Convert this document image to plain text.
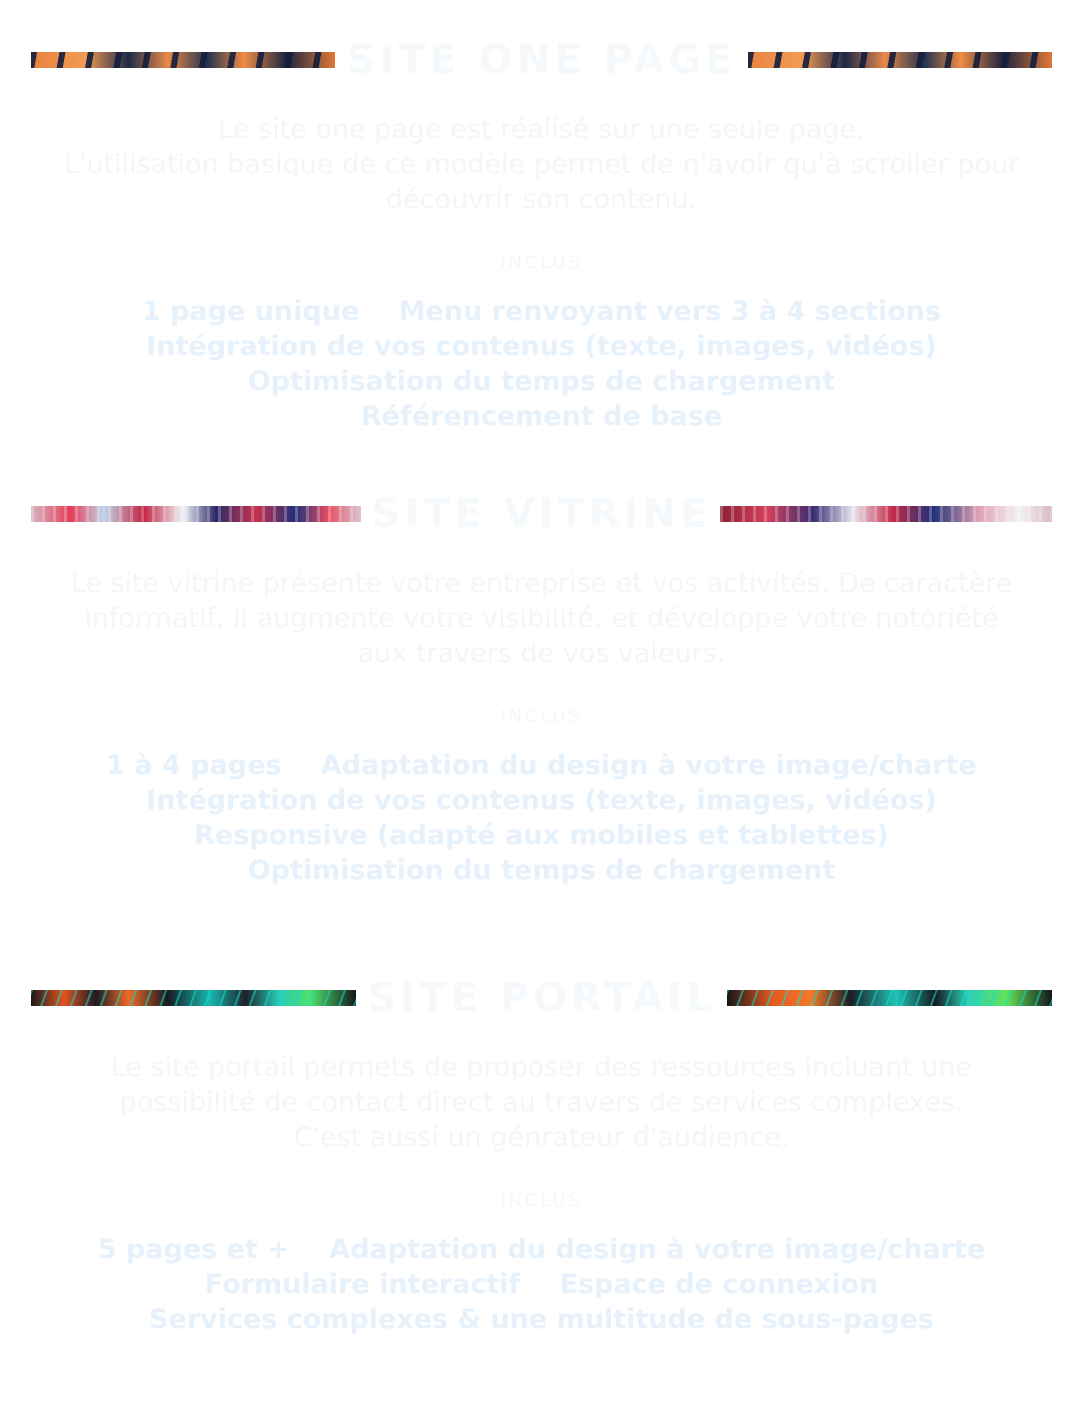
SITE ONE PAGE
Le site one page est réalisé sur une seule page.
L'utilisation basique de ce modèle permet de n'avoir qu'à scroller pour
découvrir son contenu.
INCLUS
1 page unique Menu renvoyant vers 3 à 4 sections
Intégration de vos contenus (texte, images, vidéos) Optimisation du temps de chargement
Référencement de base
SITE VITRINE
Le site vitrine présente votre entreprise et vos activités. De caractère
informatif, il augmente votre visibilité, et développe votre notoriété
aux travers de vos valeurs.
INCLUS
1 à 4 pages Adaptation du design à votre image/charte
Intégration de vos contenus (texte, images, vidéos)
Responsive (adapté aux mobiles et tablettes)
Optimisation du temps de chargement
SITE PORTAIL
Le site portail permets de proposer des ressources incluant une
possibilité de contact direct au travers de services complexes.
C'est aussi un génrateur d'audience.
INCLUS
5 pages et + Adaptation du design à votre image/charte
Formulaire interactif Espace de connexion
Services complexes & une multitude de sous-pages
